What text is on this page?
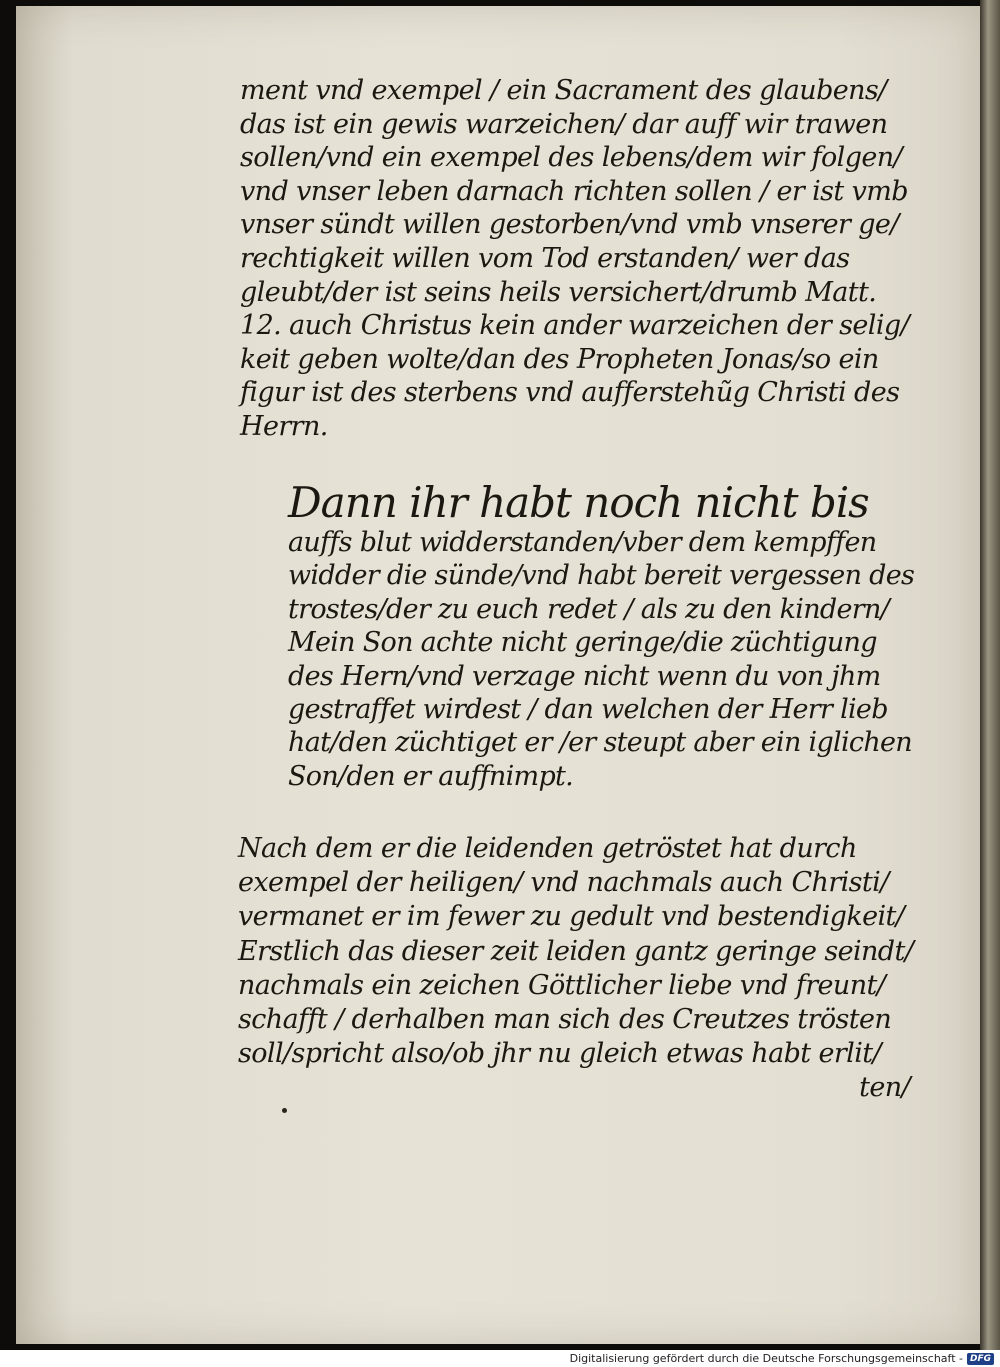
ment vnd exempel / ein Sacrament des glaubens/
das ist ein gewis warzeichen/ dar auff wir trawen
sollen/vnd ein exempel des lebens/dem wir folgen/
vnd vnser leben darnach richten sollen / er ist vmb
vnser sündt willen gestorben/vnd vmb vnserer ge/
rechtigkeit willen vom Tod erstanden/ wer das
gleubt/der ist seins heils versichert/drumb Matt.
12. auch Christus kein ander warzeichen der selig/
keit geben wolte/dan des Propheten Jonas/so ein
figur ist des sterbens vnd aufferstehũg Christi des
Herrn.
Dann ihr habt noch nicht bis
auffs blut widderstanden/vber dem kempffen
widder die sünde/vnd habt bereit vergessen des
trostes/der zu euch redet / als zu den kindern/
Mein Son achte nicht geringe/die züchtigung
des Hern/vnd verzage nicht wenn du von jhm
gestraffet wirdest / dan welchen der Herr lieb
hat/den züchtiget er /er steupt aber ein iglichen
Son/den er auffnimpt.
Nach dem er die leidenden getröstet hat durch
exempel der heiligen/ vnd nachmals auch Christi/
vermanet er im fewer zu gedult vnd bestendigkeit/
Erstlich das dieser zeit leiden gantz geringe seindt/
nachmals ein zeichen Göttlicher liebe vnd freunt/
schafft / derhalben man sich des Creutzes trösten
soll/spricht also/ob jhr nu gleich etwas habt erlit/
ten/
Digitalisierung gefördert durch die Deutsche Forschungsgemeinschaft - DFG
